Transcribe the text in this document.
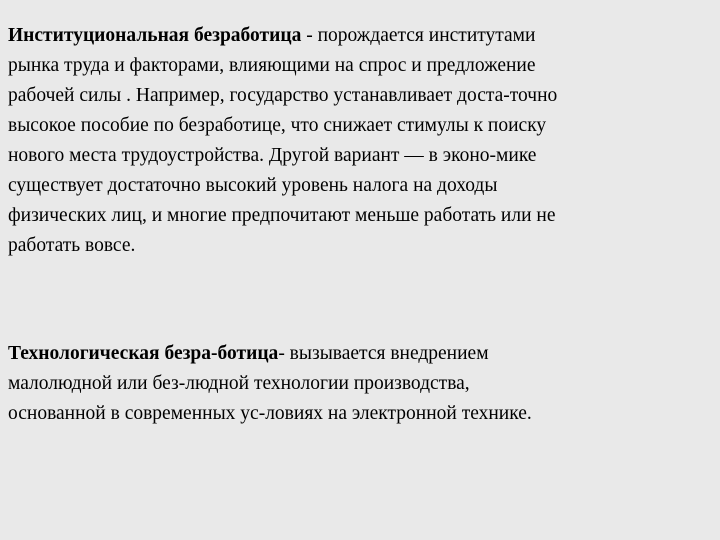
Институциональная безработица - порождается институтами
рынка труда и факторами, влияющими на спрос и предложение
рабочей силы . Например, государство устанавливает доста-точно
высокое пособие по безработице, что снижает стимулы к поиску
нового места трудоустройства. Другой вариант — в эконо-мике
существует достаточно высокий уровень налога на доходы
физических лиц, и многие предпочитают меньше работать или не
работать вовсе.

Технологическая безра-ботица- вызывается внедрением
малолюдной или без-людной технологии производства,
основанной в современных ус-ловиях на электронной технике.
